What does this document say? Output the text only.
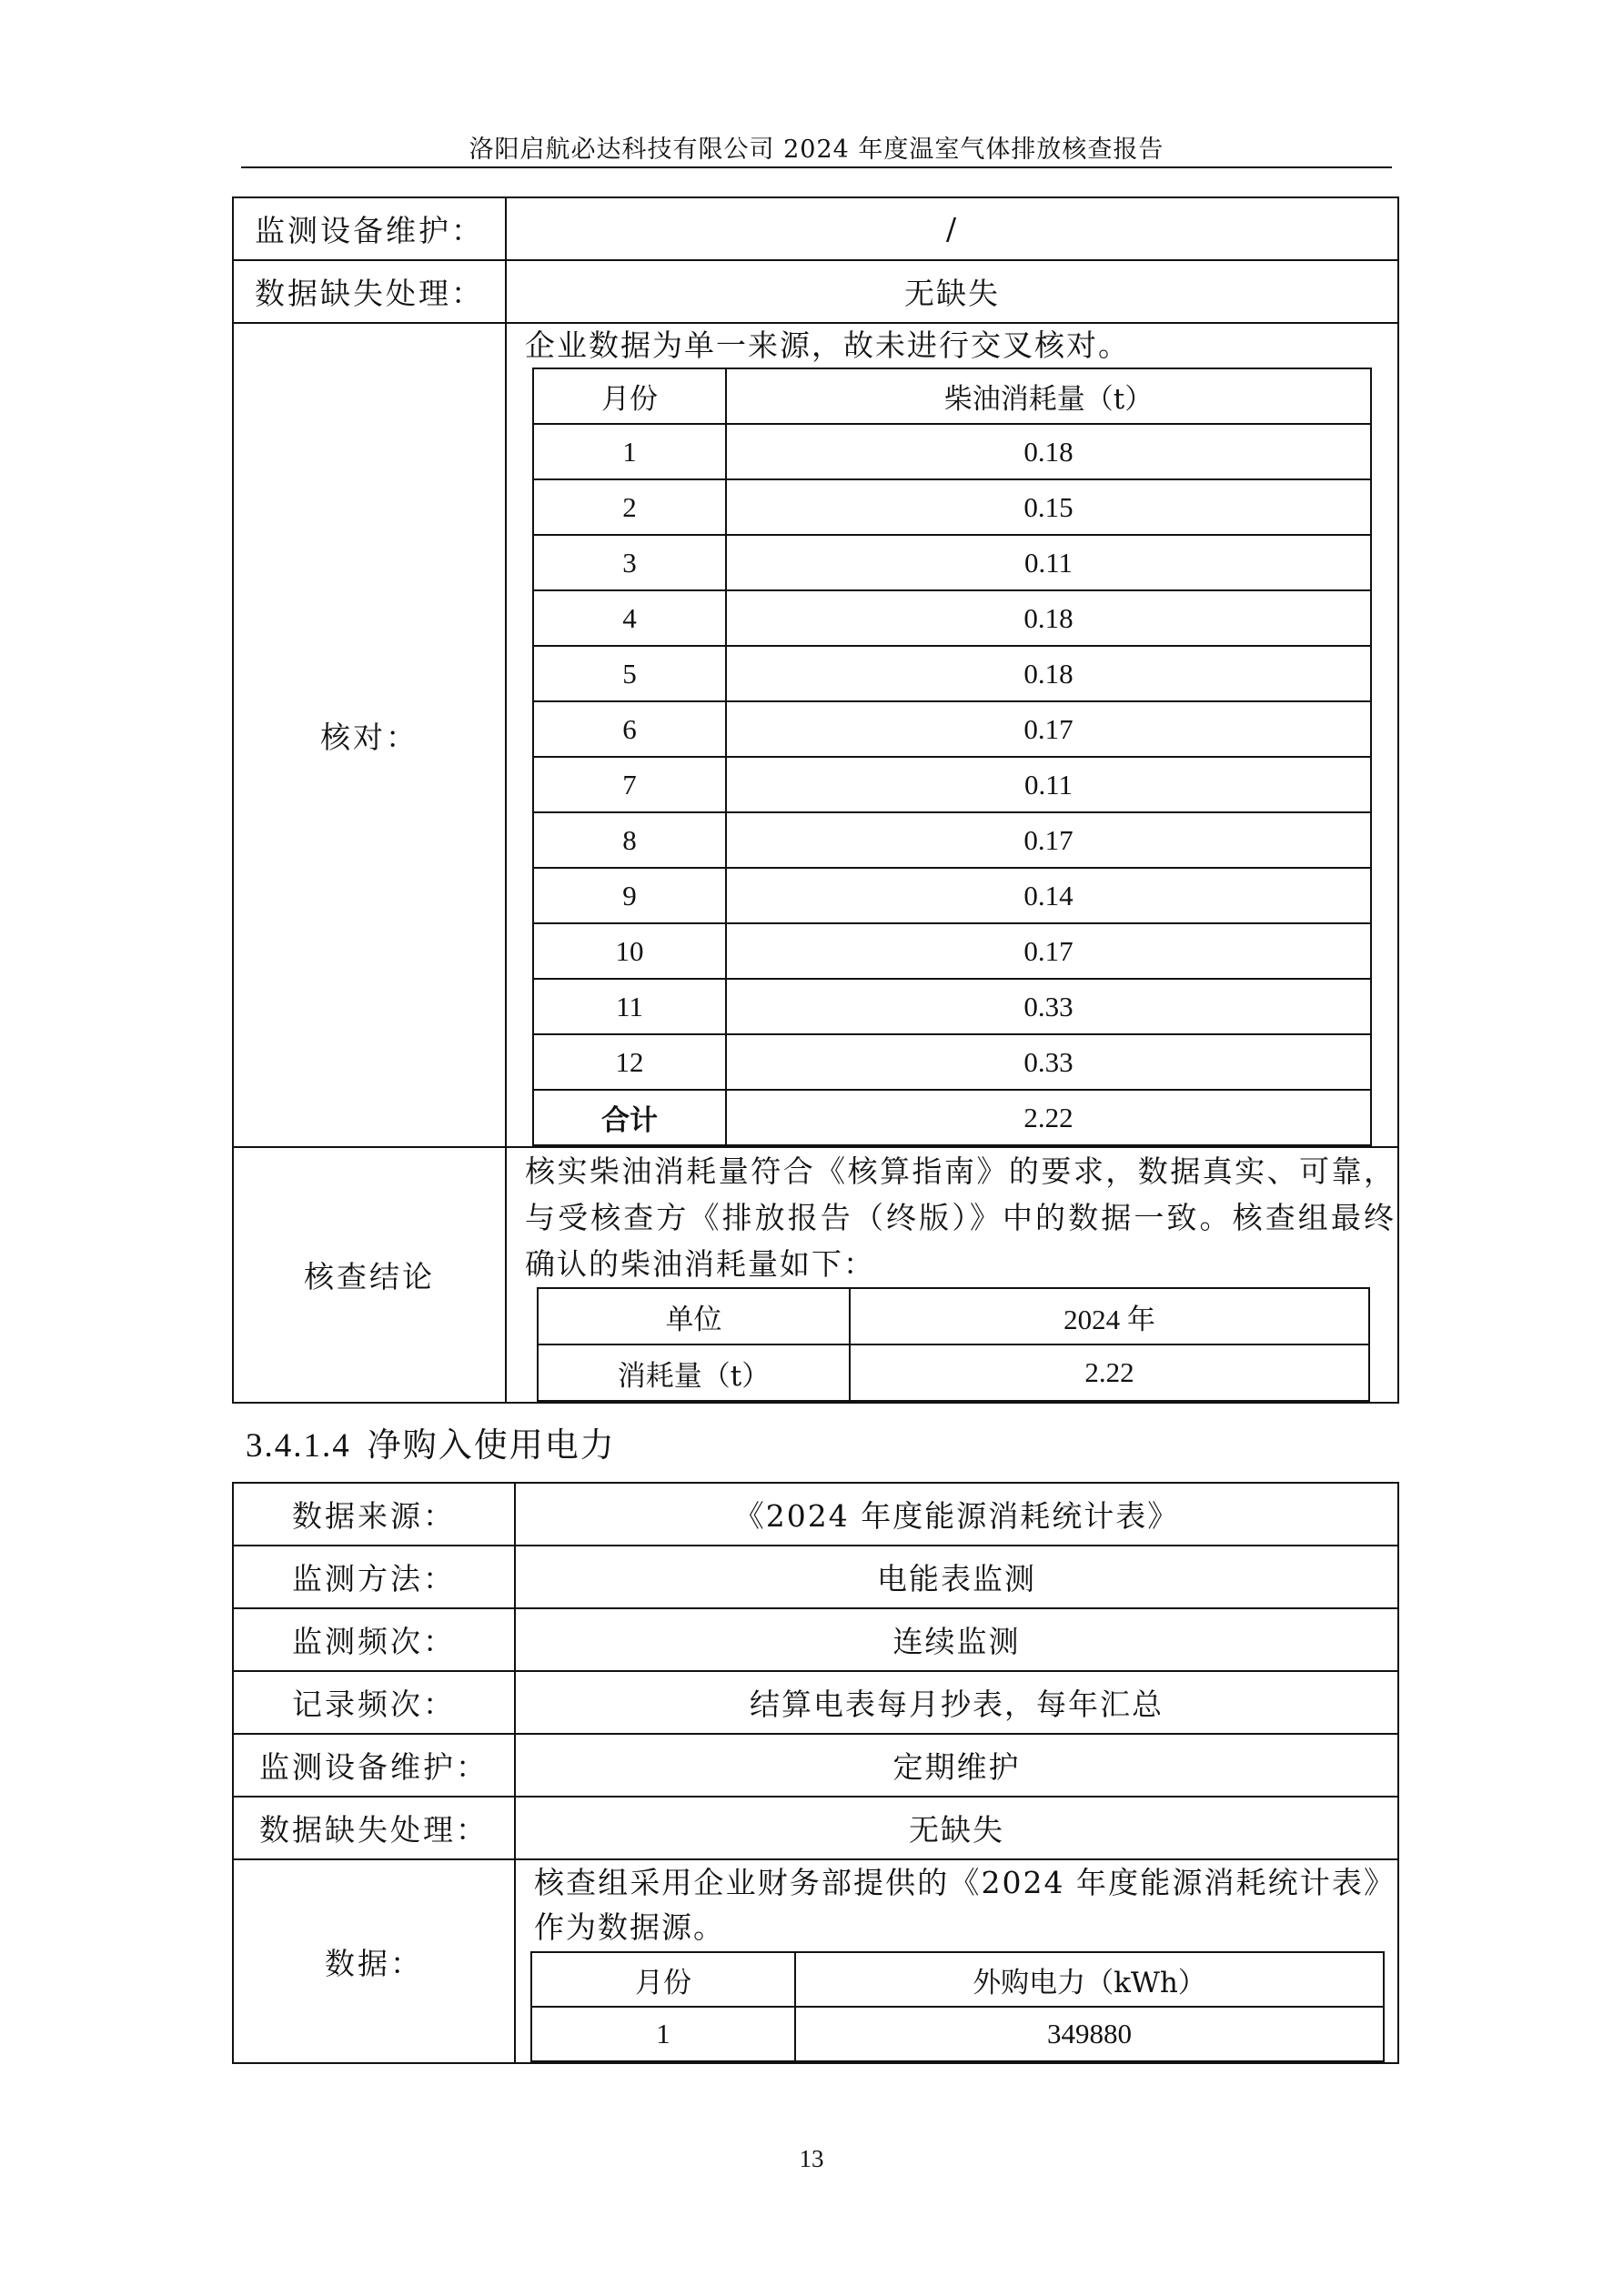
洛阳启航必达科技有限公司 2024 年度温室气体排放核查报告
监测设备维护：	/
数据缺失处理：	无缺失
核对：	
企业数据为单一来源，故未进行交叉核对。
月份	柴油消耗量（t）
1	0.18
2	0.15
3	0.11
4	0.18
5	0.18
6	0.17
7	0.11
8	0.17
9	0.14
10	0.17
11	0.33
12	0.33
合计	2.22

核查结论	
核实柴油消耗量符合《核算指南》的要求，数据真实、可靠，与受核查方《排放报告（终版）》中的数据一致。核查组最终确认的柴油消耗量如下：
单位	2024 年
消耗量（t）	2.22
3.4.1.4 净购入使用电力
数据来源：	《2024 年度能源消耗统计表》
监测方法：	电能表监测
监测频次：	连续监测
记录频次：	结算电表每月抄表，每年汇总
监测设备维护：	定期维护
数据缺失处理：	无缺失
数据：	
核查组采用企业财务部提供的《2024 年度能源消耗统计表》作为数据源。
月份	外购电力（kWh）
1	349880
13
